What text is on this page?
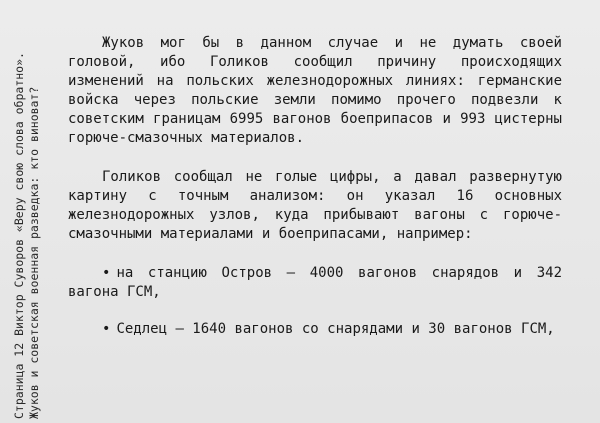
Страница 12 Виктор Суворов «Веру свою слова обратно». Жуков и советская военная разведка: кто виноват?

Жуков мог бы в данном случае и не думать своей головой, ибо Голиков сообщил причину происходящих изменений на польских железнодорожных линиях: германские войска через польские земли помимо прочего подвезли к советским границам 6995 вагонов боеприпасов и 993 цистерны горюче-смазочных материалов.

Голиков сообщал не голые цифры, а давал развернутую картину с точным анализом: он указал 16 основных железнодорожных узлов, куда прибывают вагоны с горюче-смазочными материалами и боеприпасами, например:

• на станцию Остров — 4000 вагонов снарядов и 342 вагона ГСМ,

• Седлец — 1640 вагонов со снарядами и 30 вагонов ГСМ,
